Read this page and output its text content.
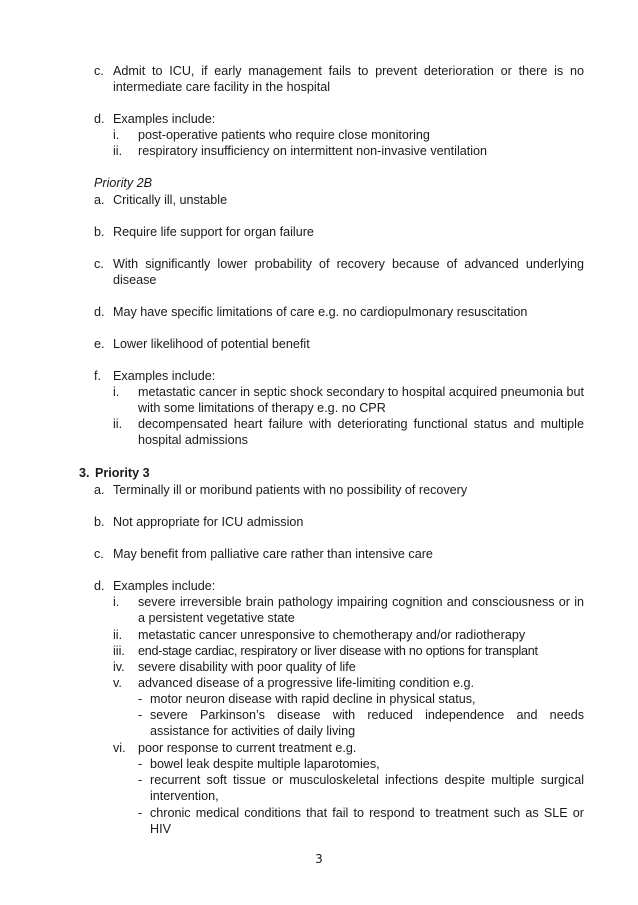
c. Admit to ICU, if early management fails to prevent deterioration or there is no intermediate care facility in the hospital
d. Examples include:
i.	post-operative patients who require close monitoring
ii.	respiratory insufficiency on intermittent non-invasive ventilation
Priority 2B
a. Critically ill, unstable
b. Require life support for organ failure
c. With significantly lower probability of recovery because of advanced underlying disease
d. May have specific limitations of care e.g. no cardiopulmonary resuscitation
e. Lower likelihood of potential benefit
f. Examples include:
i.	metastatic cancer in septic shock secondary to hospital acquired pneumonia but with some limitations of therapy e.g. no CPR
ii.	decompensated heart failure with deteriorating functional status and multiple hospital admissions
3. Priority 3
a. Terminally ill or moribund patients with no possibility of recovery
b. Not appropriate for ICU admission
c. May benefit from palliative care rather than intensive care
d. Examples include:
i.	severe irreversible brain pathology impairing cognition and consciousness or in a persistent vegetative state
ii.	metastatic cancer unresponsive to chemotherapy and/or radiotherapy
iii.	end-stage cardiac, respiratory or liver disease with no options for transplant
iv.	severe disability with poor quality of life
v.	advanced disease of a progressive life-limiting condition e.g.
- motor neuron disease with rapid decline in physical status,
- severe Parkinson’s disease with reduced independence and needs assistance for activities of daily living
vi. poor response to current treatment e.g.
- bowel leak despite multiple laparotomies,
- recurrent soft tissue or musculoskeletal infections despite multiple surgical intervention,
- chronic medical conditions that fail to respond to treatment such as SLE or HIV
3
